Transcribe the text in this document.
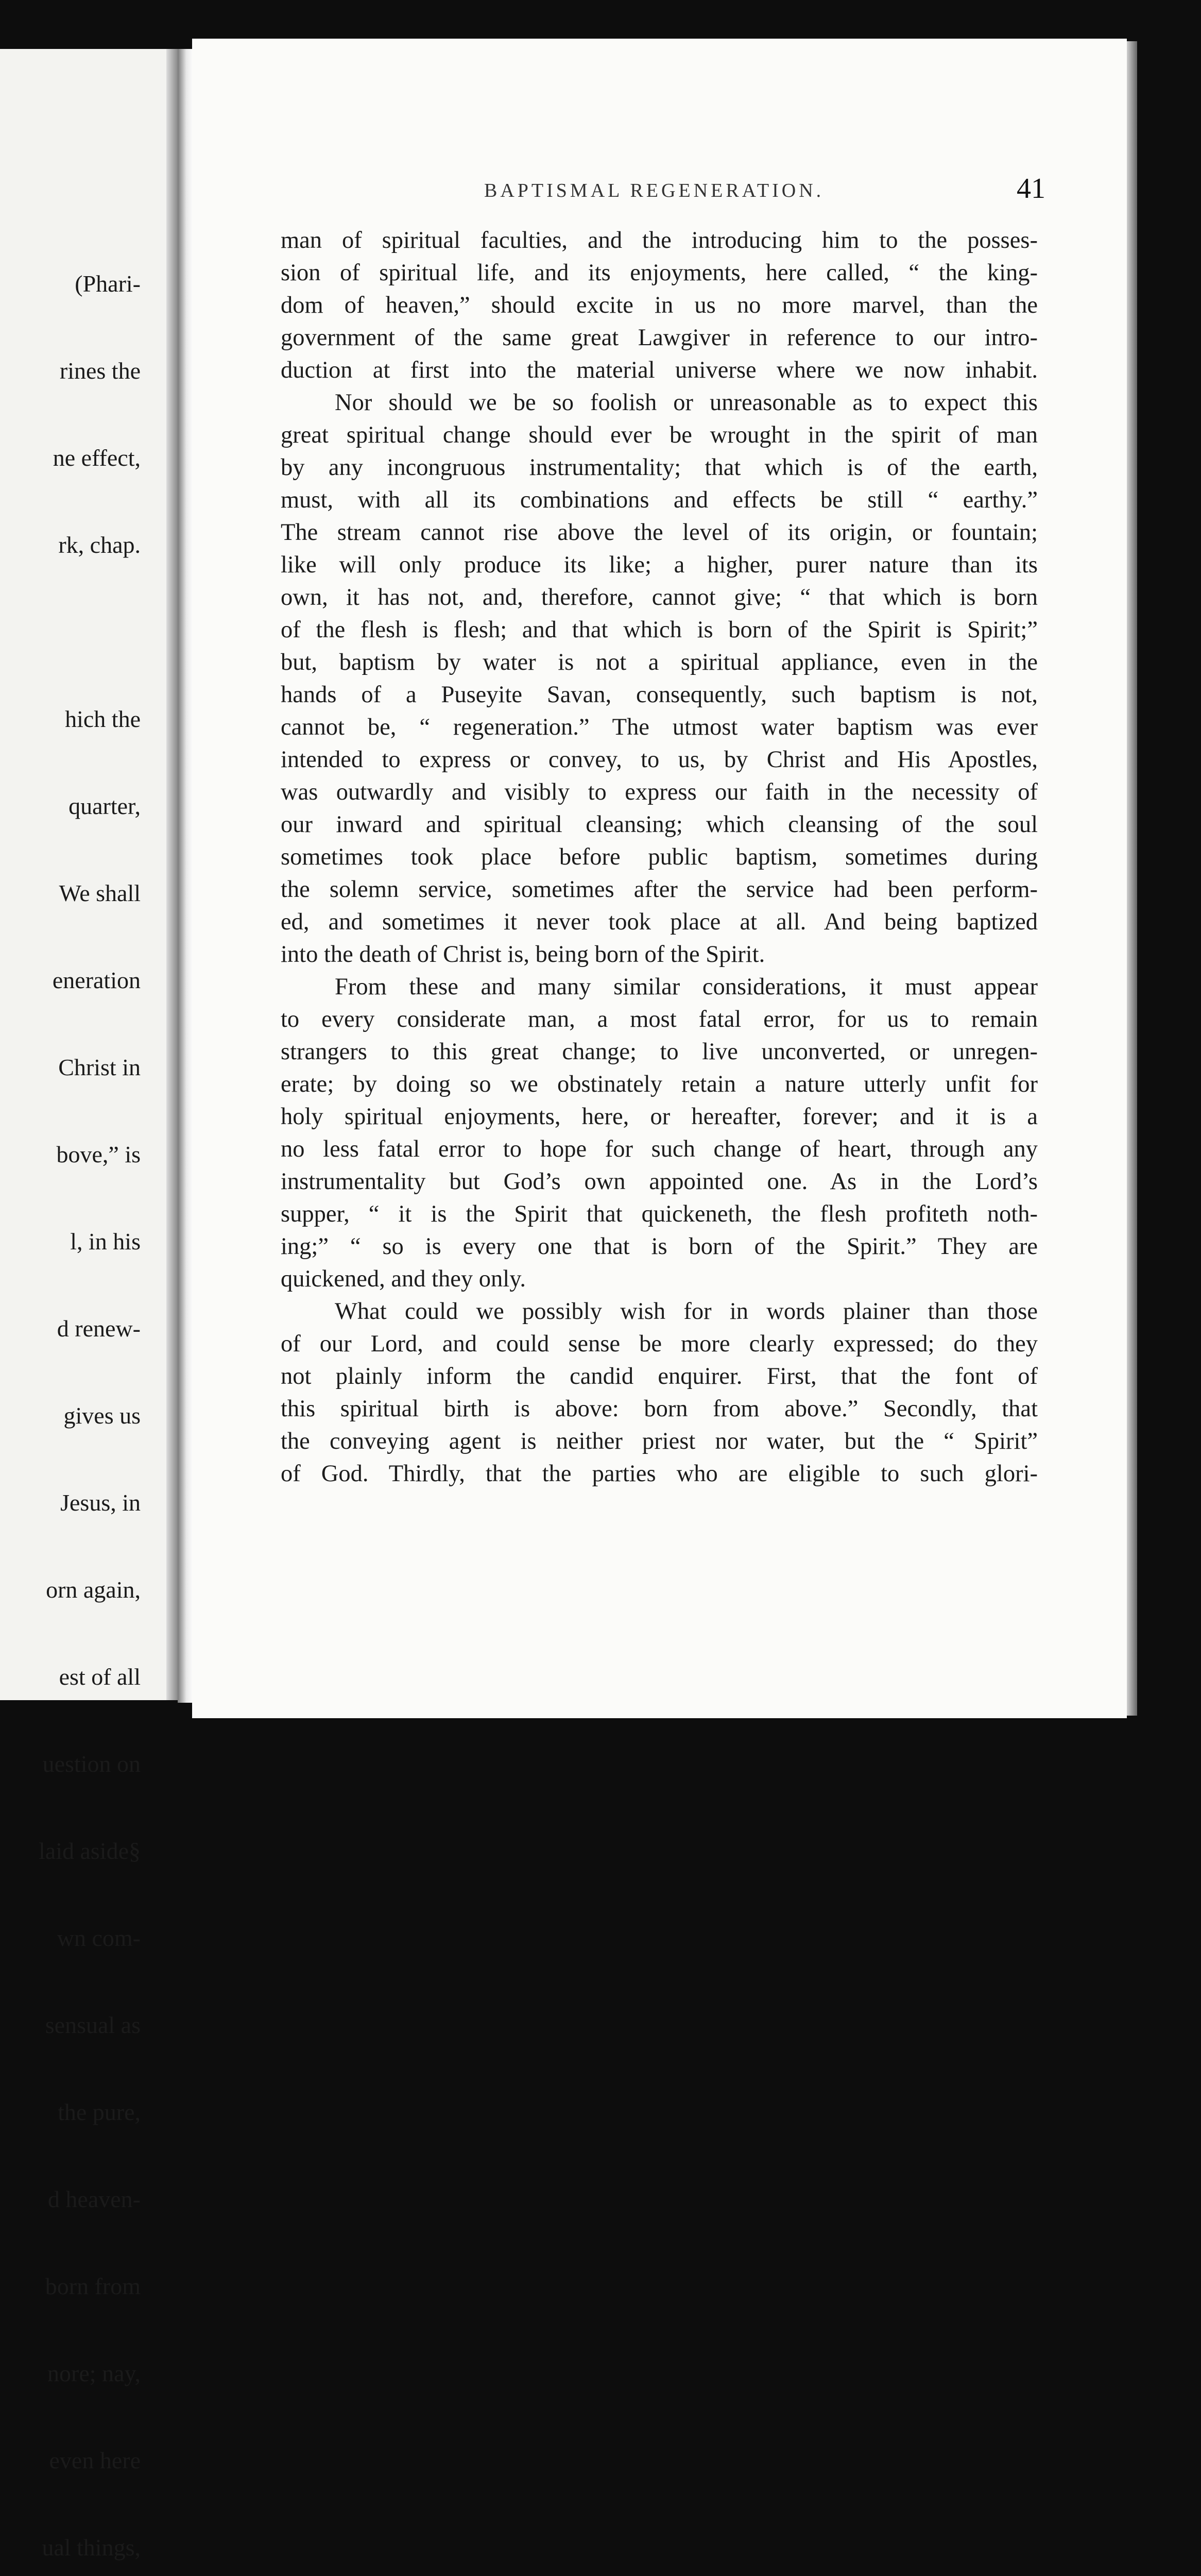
(Phari-

rines the

ne effect,

rk, chap.

hich the

quarter,

We shall

eneration

Christ in

bove,” is

l, in his

d renew-

gives us

Jesus, in

orn again,

est of all

uestion on

laid aside§

wn com-

sensual as

the pure,

d heaven-

born from

nore; nay,

even here

ual things,

BAPTISMAL REGENERATION.	41
man of spiritual faculties, and the introducing him to the posses-
sion of spiritual life, and its enjoyments, here called, “ the king-
dom of heaven,” should excite in us no more marvel, than the
government of the same great Lawgiver in reference to our intro-
duction at first into the material universe where we now inhabit.
Nor should we be so foolish or unreasonable as to expect this
great spiritual change should ever be wrought in the spirit of man
by any incongruous instrumentality; that which is of the earth,
must, with all its combinations and effects be still “ earthy.”
The stream cannot rise above the level of its origin, or fountain;
like will only produce its like; a higher, purer nature than its
own, it has not, and, therefore, cannot give; “ that which is born
of the flesh is flesh; and that which is born of the Spirit is Spirit;”
but, baptism by water is not a spiritual appliance, even in the
hands of a Puseyite Savan, consequently, such baptism is not,
cannot be, “ regeneration.” The utmost water baptism was ever
intended to express or convey, to us, by Christ and His Apostles,
was outwardly and visibly to express our faith in the necessity of
our inward and spiritual cleansing; which cleansing of the soul
sometimes took place before public baptism, sometimes during
the solemn service, sometimes after the service had been perform-
ed, and sometimes it never took place at all. And being baptized
into the death of Christ is, being born of the Spirit.
From these and many similar considerations, it must appear
to every considerate man, a most fatal error, for us to remain
strangers to this great change; to live unconverted, or unregen-
erate; by doing so we obstinately retain a nature utterly unfit for
holy spiritual enjoyments, here, or hereafter, forever; and it is a
no less fatal error to hope for such change of heart, through any
instrumentality but God’s own appointed one. As in the Lord’s
supper, “ it is the Spirit that quickeneth, the flesh profiteth noth-
ing;” “ so is every one that is born of the Spirit.” They are
quickened, and they only.
What could we possibly wish for in words plainer than those
of our Lord, and could sense be more clearly expressed; do they
not plainly inform the candid enquirer. First, that the font of
this spiritual birth is above: born from above.” Secondly, that
the conveying agent is neither priest nor water, but the “ Spirit”
of God. Thirdly, that the parties who are eligible to such glori-
